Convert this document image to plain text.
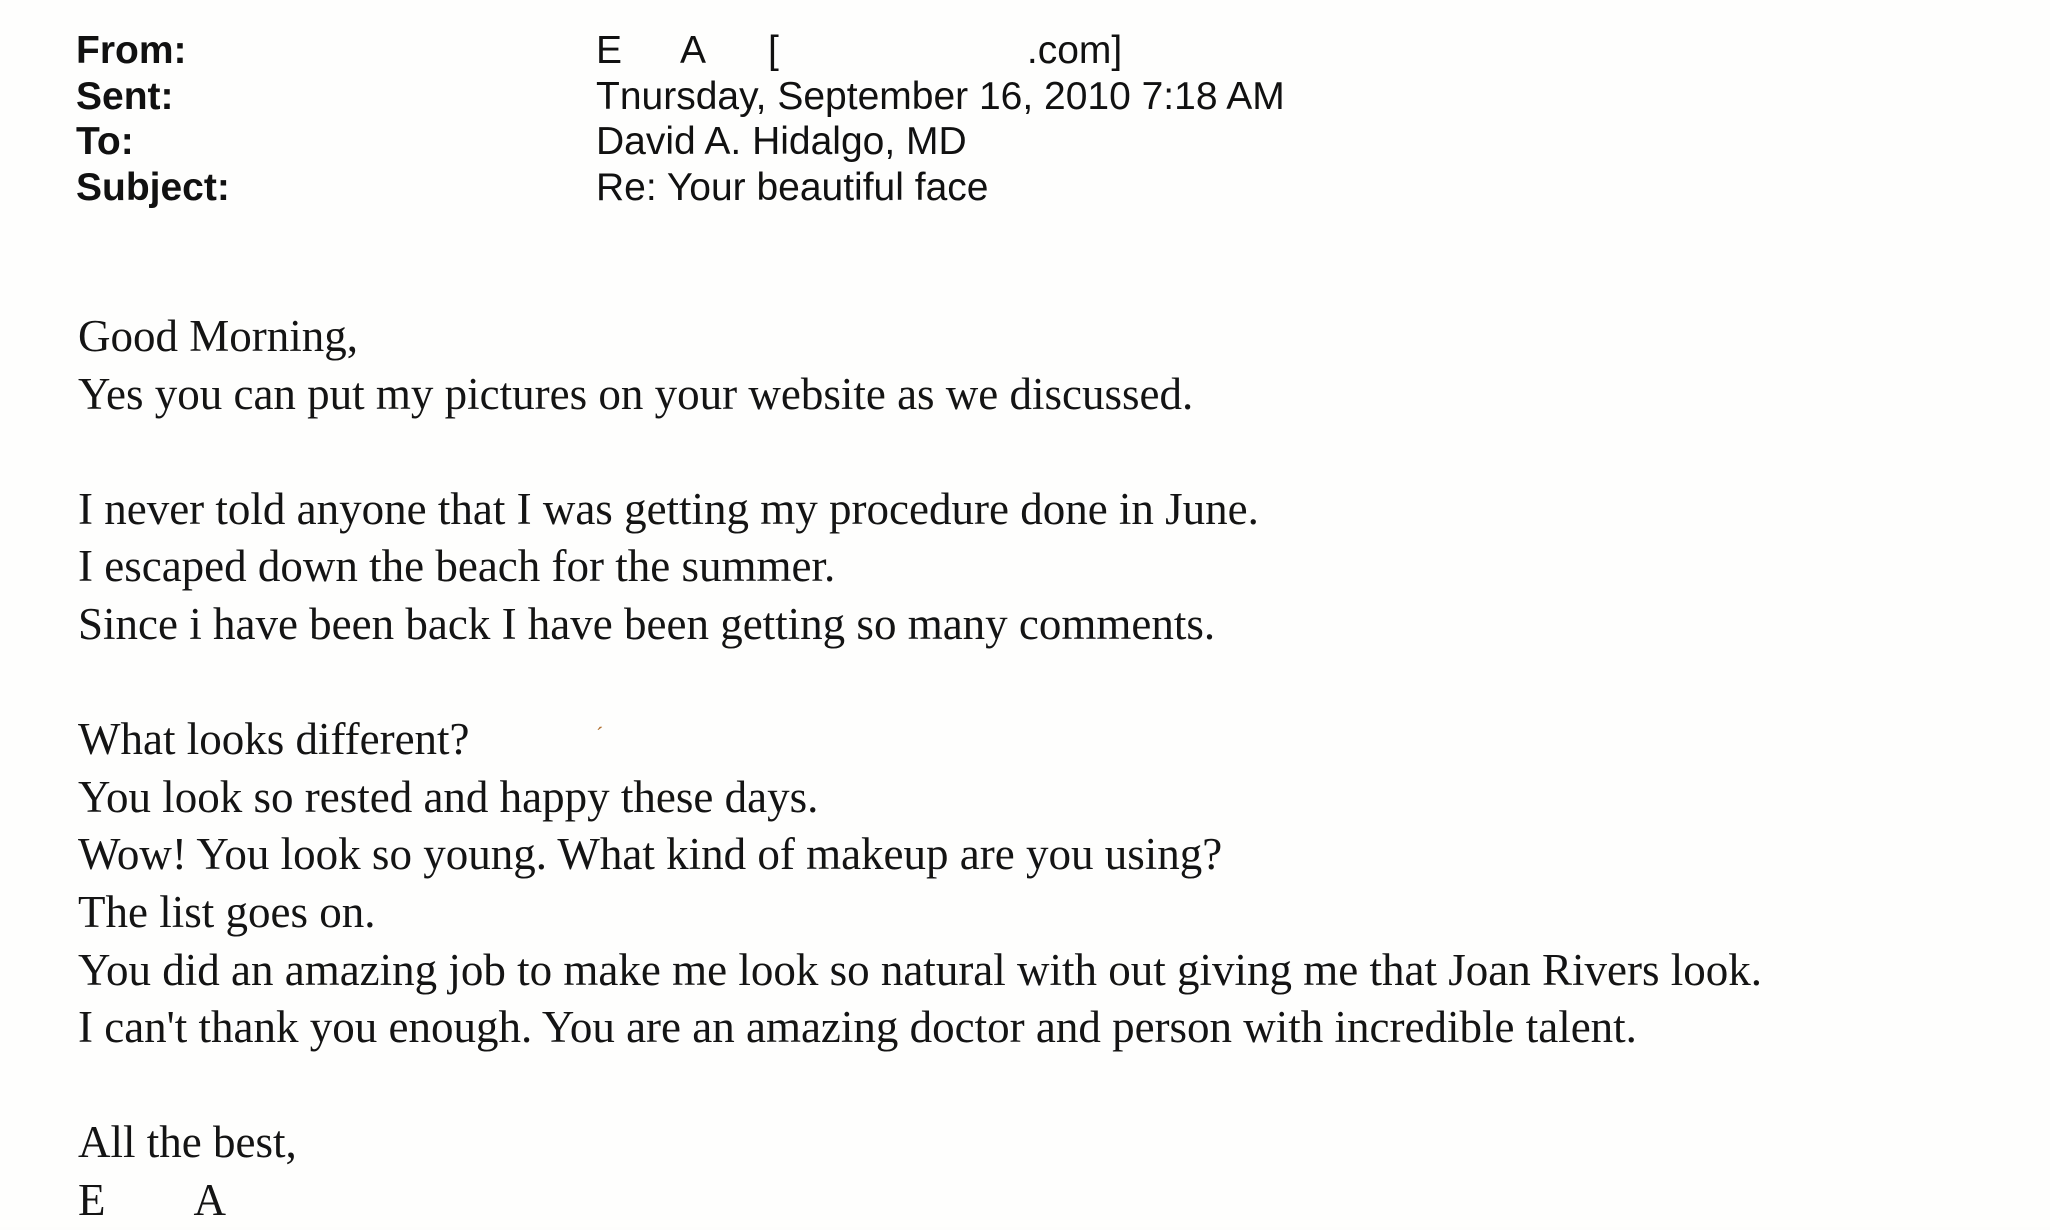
From:	E A [	.com]
Sent:	Tnursday, September 16, 2010 7:18 AM
To:	David A. Hidalgo, MD
Subject:	Re: Your beautiful face
Good Morning,
Yes you can put my pictures on your website as we discussed.
I never told anyone that I was getting my procedure done in June.
I escaped down the beach for the summer.
Since i have been back I have been getting so many comments.
What looks different?
You look so rested and happy these days.
Wow! You look so young. What kind of makeup are you using?
The list goes on.
You did an amazing job to make me look so natural with out giving me that Joan Rivers look.
I can't thank you enough. You are an amazing doctor and person with incredible talent.
All the best,
E A
ˊ
